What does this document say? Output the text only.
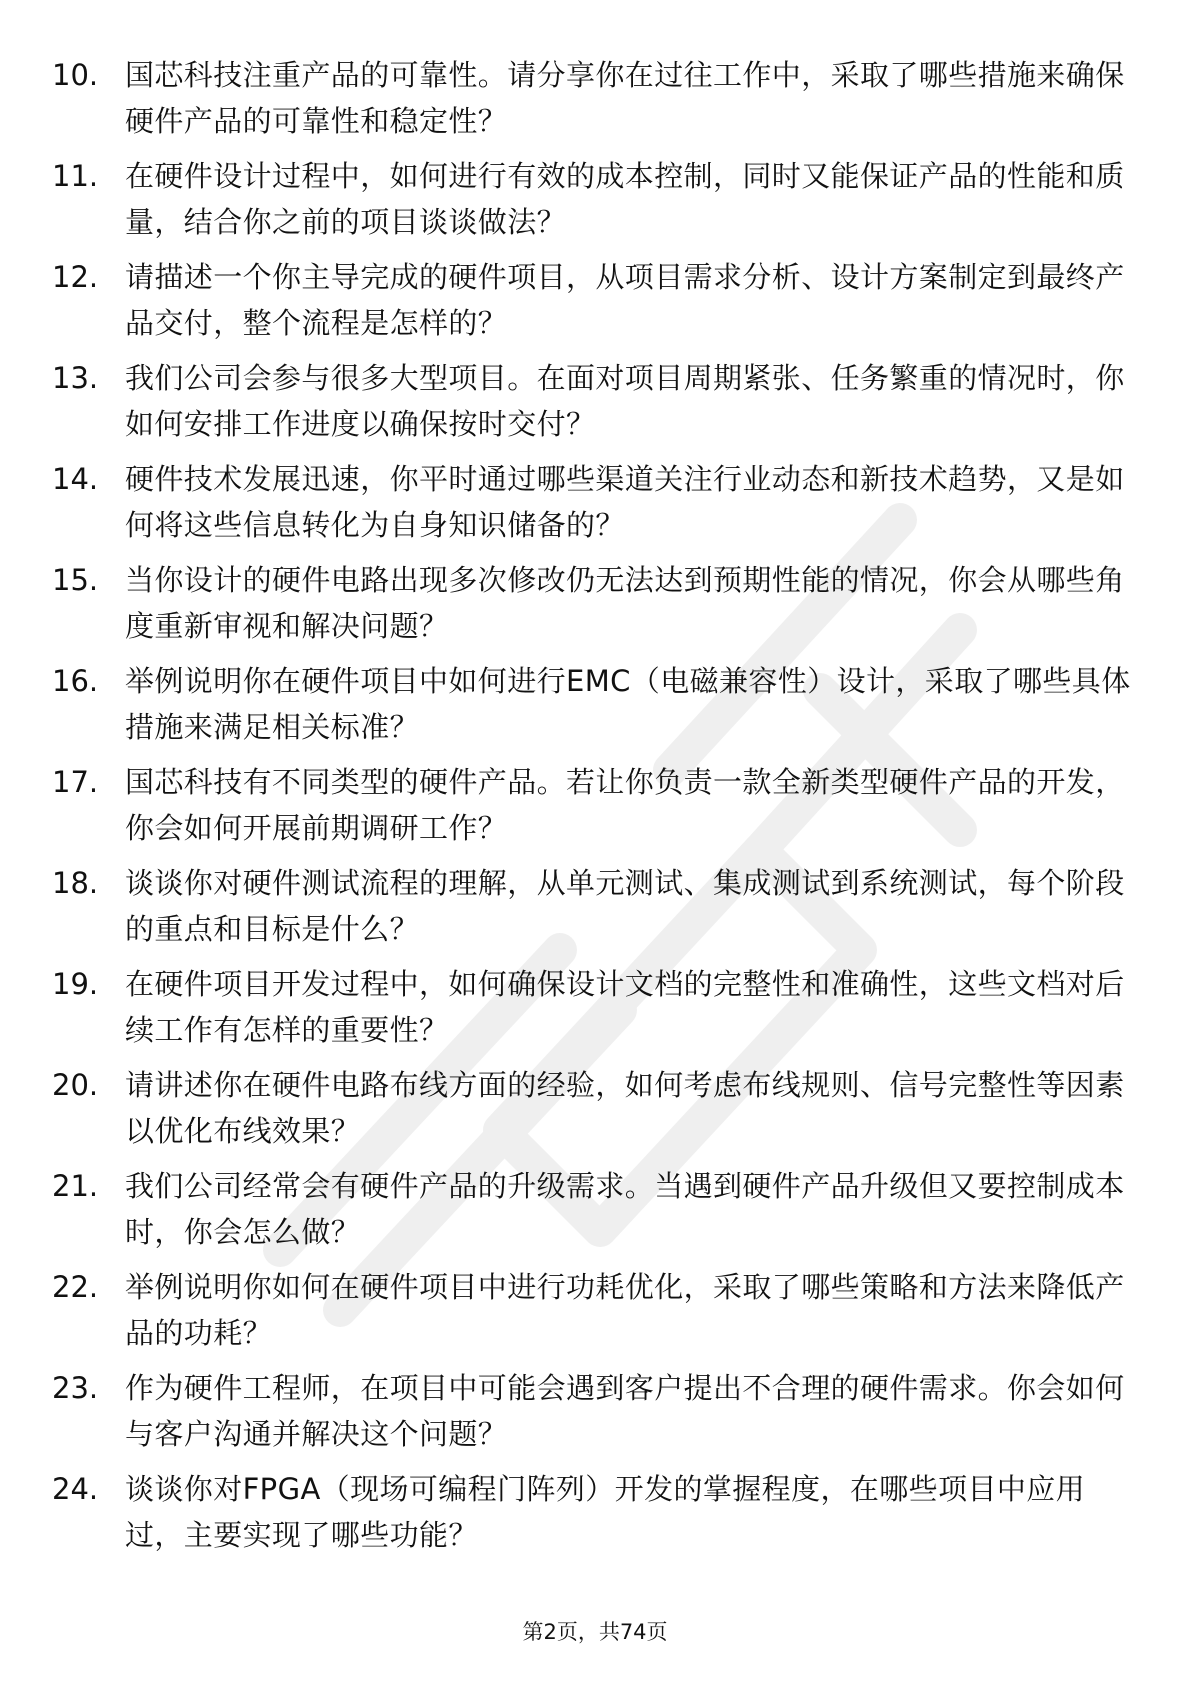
10. 国芯科技注重产品的可靠性。请分享你在过往工作中，采取了哪些措施来确保硬件产品的可靠性和稳定性？
11. 在硬件设计过程中，如何进行有效的成本控制，同时又能保证产品的性能和质量，结合你之前的项目谈谈做法？
12. 请描述一个你主导完成的硬件项目，从项目需求分析、设计方案制定到最终产品交付，整个流程是怎样的？
13. 我们公司会参与很多大型项目。在面对项目周期紧张、任务繁重的情况时，你如何安排工作进度以确保按时交付？
14. 硬件技术发展迅速，你平时通过哪些渠道关注行业动态和新技术趋势，又是如何将这些信息转化为自身知识储备的？
15. 当你设计的硬件电路出现多次修改仍无法达到预期性能的情况，你会从哪些角度重新审视和解决问题？
16. 举例说明你在硬件项目中如何进行EMC（电磁兼容性）设计，采取了哪些具体措施来满足相关标准？
17. 国芯科技有不同类型的硬件产品。若让你负责一款全新类型硬件产品的开发，你会如何开展前期调研工作？
18. 谈谈你对硬件测试流程的理解，从单元测试、集成测试到系统测试，每个阶段的重点和目标是什么？
19. 在硬件项目开发过程中，如何确保设计文档的完整性和准确性，这些文档对后续工作有怎样的重要性？
20. 请讲述你在硬件电路布线方面的经验，如何考虑布线规则、信号完整性等因素以优化布线效果？
21. 我们公司经常会有硬件产品的升级需求。当遇到硬件产品升级但又要控制成本时，你会怎么做？
22. 举例说明你如何在硬件项目中进行功耗优化，采取了哪些策略和方法来降低产品的功耗？
23. 作为硬件工程师，在项目中可能会遇到客户提出不合理的硬件需求。你会如何与客户沟通并解决这个问题？
24. 谈谈你对FPGA（现场可编程门阵列）开发的掌握程度，在哪些项目中应用过，主要实现了哪些功能？
第2页，共74页
